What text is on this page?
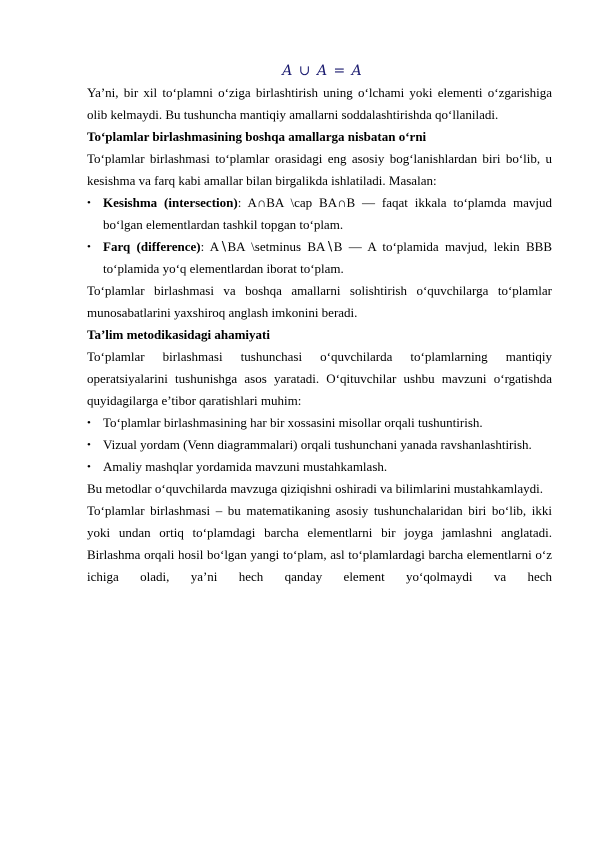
A ∪ A = A

Ya’ni, bir xil to‘plamni o‘ziga birlashtirish uning o‘lchami yoki elementi o‘zgarishiga olib kelmaydi. Bu tushuncha mantiqiy amallarni soddalashtirishda qo‘llaniladi.

To‘plamlar birlashmasining boshqa amallarga nisbatan o‘rni

To‘plamlar birlashmasi to‘plamlar orasidagi eng asosiy bog‘lanishlardan biri bo‘lib, u kesishma va farq kabi amallar bilan birgalikda ishlatiladi. Masalan:

• Kesishma (intersection): A∩BA \cap BA∩B — faqat ikkala to‘plamda mavjud bo‘lgan elementlardan tashkil topgan to‘plam.
• Farq (difference): A∖BA \setminus BA∖B — A to‘plamida mavjud, lekin BBB to‘plamida yo‘q elementlardan iborat to‘plam.

To‘plamlar birlashmasi va boshqa amallarni solishtirish o‘quvchilarga to‘plamlar munosabatlarini yaxshiroq anglash imkonini beradi.

Ta’lim metodikasidagi ahamiyati

To‘plamlar birlashmasi tushunchasi o‘quvchilarda to‘plamlarning mantiqiy operatsiyalarini tushunishga asos yaratadi. O‘qituvchilar ushbu mavzuni o‘rgatishda quyidagilarga e’tibor qaratishlari muhim:

• To‘plamlar birlashmasining har bir xossasini misollar orqali tushuntirish.
• Vizual yordam (Venn diagrammalari) orqali tushunchani yanada ravshanlashtirish.
• Amaliy mashqlar yordamida mavzuni mustahkamlash.

Bu metodlar o‘quvchilarda mavzuga qiziqishni oshiradi va bilimlarini mustahkamlaydi.

To‘plamlar birlashmasi – bu matematikaning asosiy tushunchalaridan biri bo‘lib, ikki yoki undan ortiq to‘plamdagi barcha elementlarni bir joyga jamlashni anglatadi. Birlashma orqali hosil bo‘lgan yangi to‘plam, asl to‘plamlardagi barcha elementlarni o‘z ichiga oladi, ya’ni hech qanday element yo‘qolmaydi va hech
